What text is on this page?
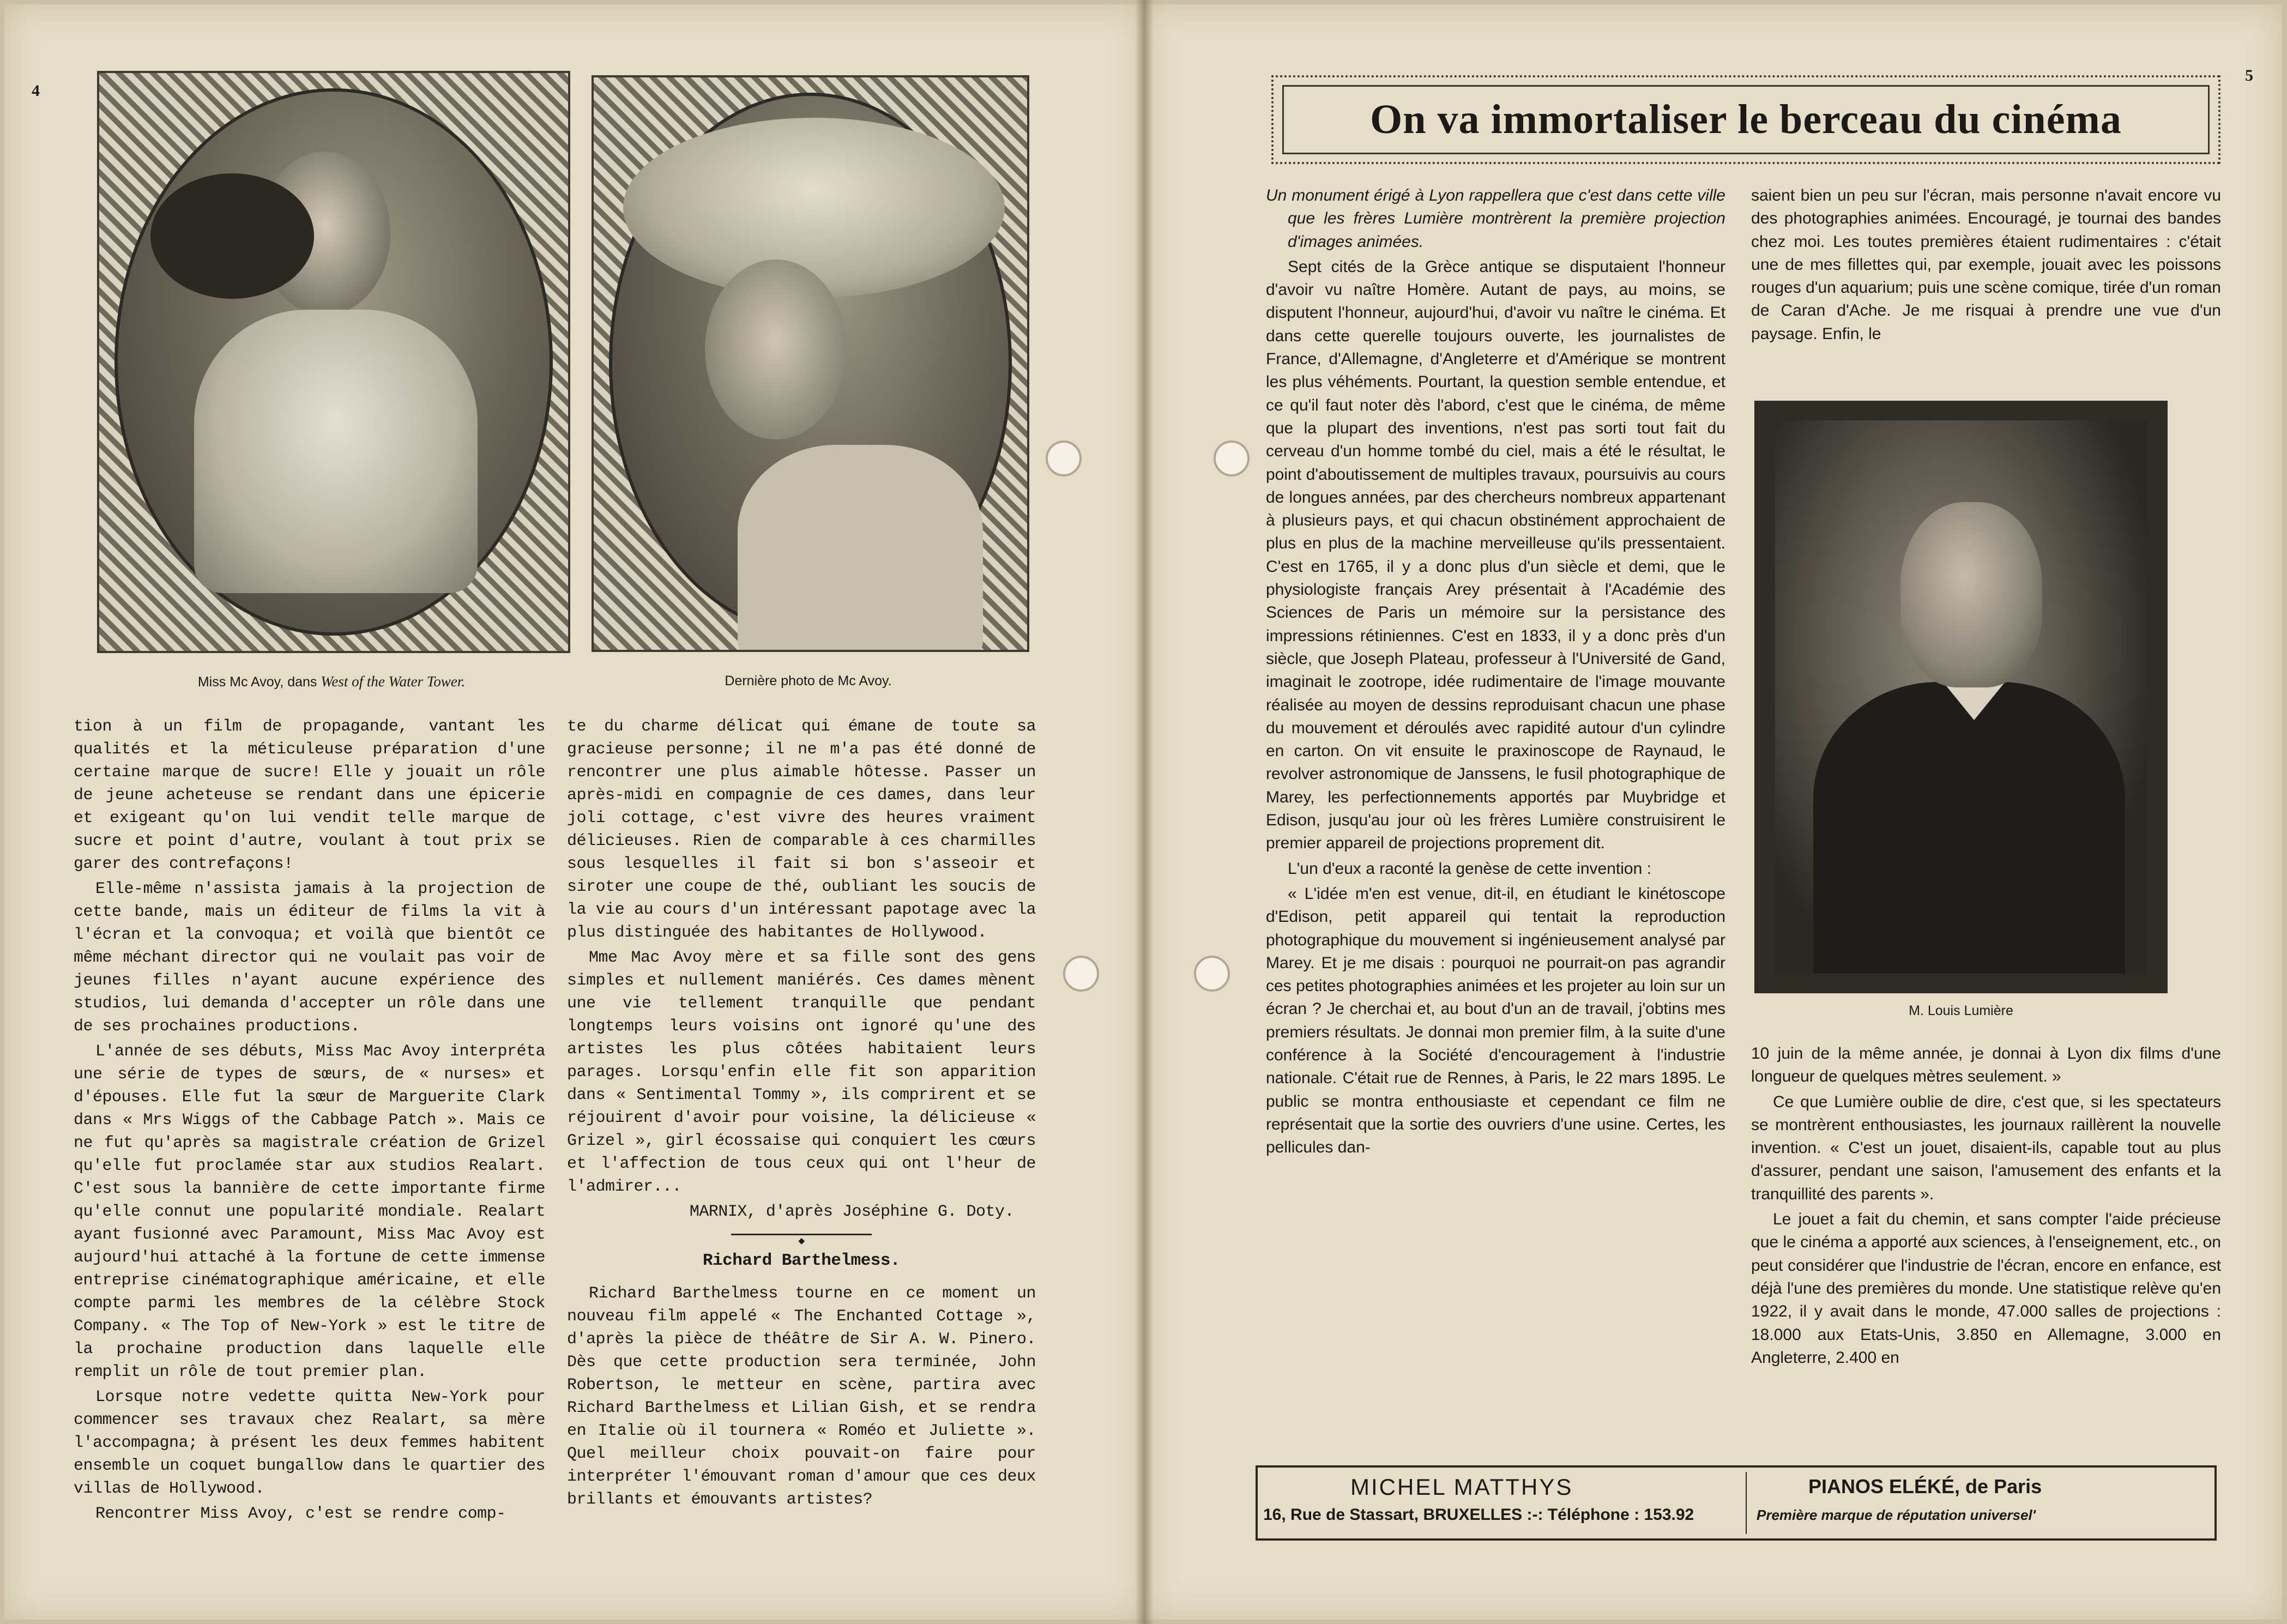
4
5
Miss Mc Avoy, dans West of the Water Tower.	Dernière photo de Mc Avoy.

tion à un film de propagande, vantant les qualités et la méticuleuse préparation d'une certaine marque de sucre! Elle y jouait un rôle de jeune acheteuse se rendant dans une épicerie et exigeant qu'on lui vendit telle marque de sucre et point d'autre, voulant à tout prix se garer des contrefaçons!

Elle-même n'assista jamais à la projection de cette bande, mais un éditeur de films la vit à l'écran et la convoqua; et voilà que bientôt ce même méchant director qui ne voulait pas voir de jeunes filles n'ayant aucune expérience des studios, lui demanda d'accepter un rôle dans une de ses prochaines productions.

L'année de ses débuts, Miss Mac Avoy interpréta une série de types de sœurs, de « nurses» et d'épouses. Elle fut la sœur de Marguerite Clark dans « Mrs Wiggs of the Cabbage Patch ». Mais ce ne fut qu'après sa magistrale création de Grizel qu'elle fut proclamée star aux studios Realart. C'est sous la bannière de cette importante firme qu'elle connut une popularité mondiale. Realart ayant fusionné avec Paramount, Miss Mac Avoy est aujourd'hui attaché à la fortune de cette immense entreprise cinématographique américaine, et elle compte parmi les membres de la célèbre Stock Company. « The Top of New-York » est le titre de la prochaine production dans laquelle elle remplit un rôle de tout premier plan.

Lorsque notre vedette quitta New-York pour commencer ses travaux chez Realart, sa mère l'accompagna; à présent les deux femmes habitent ensemble un coquet bungallow dans le quartier des villas de Hollywood.

Rencontrer Miss Avoy, c'est se rendre comp-

te du charme délicat qui émane de toute sa gracieuse personne; il ne m'a pas été donné de rencontrer une plus aimable hôtesse. Passer un après-midi en compagnie de ces dames, dans leur joli cottage, c'est vivre des heures vraiment délicieuses. Rien de comparable à ces charmilles sous lesquelles il fait si bon s'asseoir et siroter une coupe de thé, oubliant les soucis de la vie au cours d'un intéressant papotage avec la plus distinguée des habitantes de Hollywood.

Mme Mac Avoy mère et sa fille sont des gens simples et nullement maniérés. Ces dames mènent une vie tellement tranquille que pendant longtemps leurs voisins ont ignoré qu'une des artistes les plus côtées habitaient leurs parages. Lorsqu'enfin elle fit son apparition dans « Sentimental Tommy », ils comprirent et se réjouirent d'avoir pour voisine, la délicieuse « Grizel », girl écossaise qui conquiert les cœurs et l'affection de tous ceux qui ont l'heur de l'admirer...

MARNIX, d'après Joséphine G. Doty.
◆
Richard Barthelmess.

Richard Barthelmess tourne en ce moment un nouveau film appelé « The Enchanted Cottage », d'après la pièce de théâtre de Sir A. W. Pinero. Dès que cette production sera terminée, John Robertson, le metteur en scène, partira avec Richard Barthelmess et Lilian Gish, et se rendra en Italie où il tournera « Roméo et Juliette ». Quel meilleur choix pouvait-on faire pour interpréter l'émouvant roman d'amour que ces deux brillants et émouvants artistes?

On va immortaliser le berceau du cinéma

Un monument érigé à Lyon rappellera que c'est dans cette ville que les frères Lumière montrèrent la première projection d'images animées.

Sept cités de la Grèce antique se disputaient l'honneur d'avoir vu naître Homère. Autant de pays, au moins, se disputent l'honneur, aujourd'hui, d'avoir vu naître le cinéma. Et dans cette querelle toujours ouverte, les journalistes de France, d'Allemagne, d'Angleterre et d'Amérique se montrent les plus véhéments. Pourtant, la question semble entendue, et ce qu'il faut noter dès l'abord, c'est que le cinéma, de même que la plupart des inventions, n'est pas sorti tout fait du cerveau d'un homme tombé du ciel, mais a été le résultat, le point d'aboutissement de multiples travaux, poursuivis au cours de longues années, par des chercheurs nombreux appartenant à plusieurs pays, et qui chacun obstinément approchaient de plus en plus de la machine merveilleuse qu'ils pressentaient. C'est en 1765, il y a donc plus d'un siècle et demi, que le physiologiste français Arey présentait à l'Académie des Sciences de Paris un mémoire sur la persistance des impressions rétiniennes. C'est en 1833, il y a donc près d'un siècle, que Joseph Plateau, professeur à l'Université de Gand, imaginait le zootrope, idée rudimentaire de l'image mouvante réalisée au moyen de dessins reproduisant chacun une phase du mouvement et déroulés avec rapidité autour d'un cylindre en carton. On vit ensuite le praxinoscope de Raynaud, le revolver astronomique de Janssens, le fusil photographique de Marey, les perfectionnements apportés par Muybridge et Edison, jusqu'au jour où les frères Lumière construisirent le premier appareil de projections proprement dit.

L'un d'eux a raconté la genèse de cette invention :

« L'idée m'en est venue, dit-il, en étudiant le kinétoscope d'Edison, petit appareil qui tentait la reproduction photographique du mouvement si ingénieusement analysé par Marey. Et je me disais : pourquoi ne pourrait-on pas agrandir ces petites photographies animées et les projeter au loin sur un écran ? Je cherchai et, au bout d'un an de travail, j'obtins mes premiers résultats. Je donnai mon premier film, à la suite d'une conférence à la Société d'encouragement à l'industrie nationale. C'était rue de Rennes, à Paris, le 22 mars 1895. Le public se montra enthousiaste et cependant ce film ne représentait que la sortie des ouvriers d'une usine. Certes, les pellicules dan-

saient bien un peu sur l'écran, mais personne n'avait encore vu des photographies animées. Encouragé, je tournai des bandes chez moi. Les toutes premières étaient rudimentaires : c'était une de mes fillettes qui, par exemple, jouait avec les poissons rouges d'un aquarium; puis une scène comique, tirée d'un roman de Caran d'Ache. Je me risquai à prendre une vue d'un paysage. Enfin, le

M. Louis Lumière

10 juin de la même année, je donnai à Lyon dix films d'une longueur de quelques mètres seulement. »

Ce que Lumière oublie de dire, c'est que, si les spectateurs se montrèrent enthousiastes, les journaux raillèrent la nouvelle invention. « C'est un jouet, disaient-ils, capable tout au plus d'assurer, pendant une saison, l'amusement des enfants et la tranquillité des parents ».

Le jouet a fait du chemin, et sans compter l'aide précieuse que le cinéma a apporté aux sciences, à l'enseignement, etc., on peut considérer que l'industrie de l'écran, encore en enfance, est déjà l'une des premières du monde. Une statistique relève qu'en 1922, il y avait dans le monde, 47.000 salles de projections : 18.000 aux Etats-Unis, 3.850 en Allemagne, 3.000 en Angleterre, 2.400 en

MICHEL MATTHYS
16, Rue de Stassart, BRUXELLES :-: Téléphone : 153.92
PIANOS ELÉKÉ, de Paris
Première marque de réputation universel'
